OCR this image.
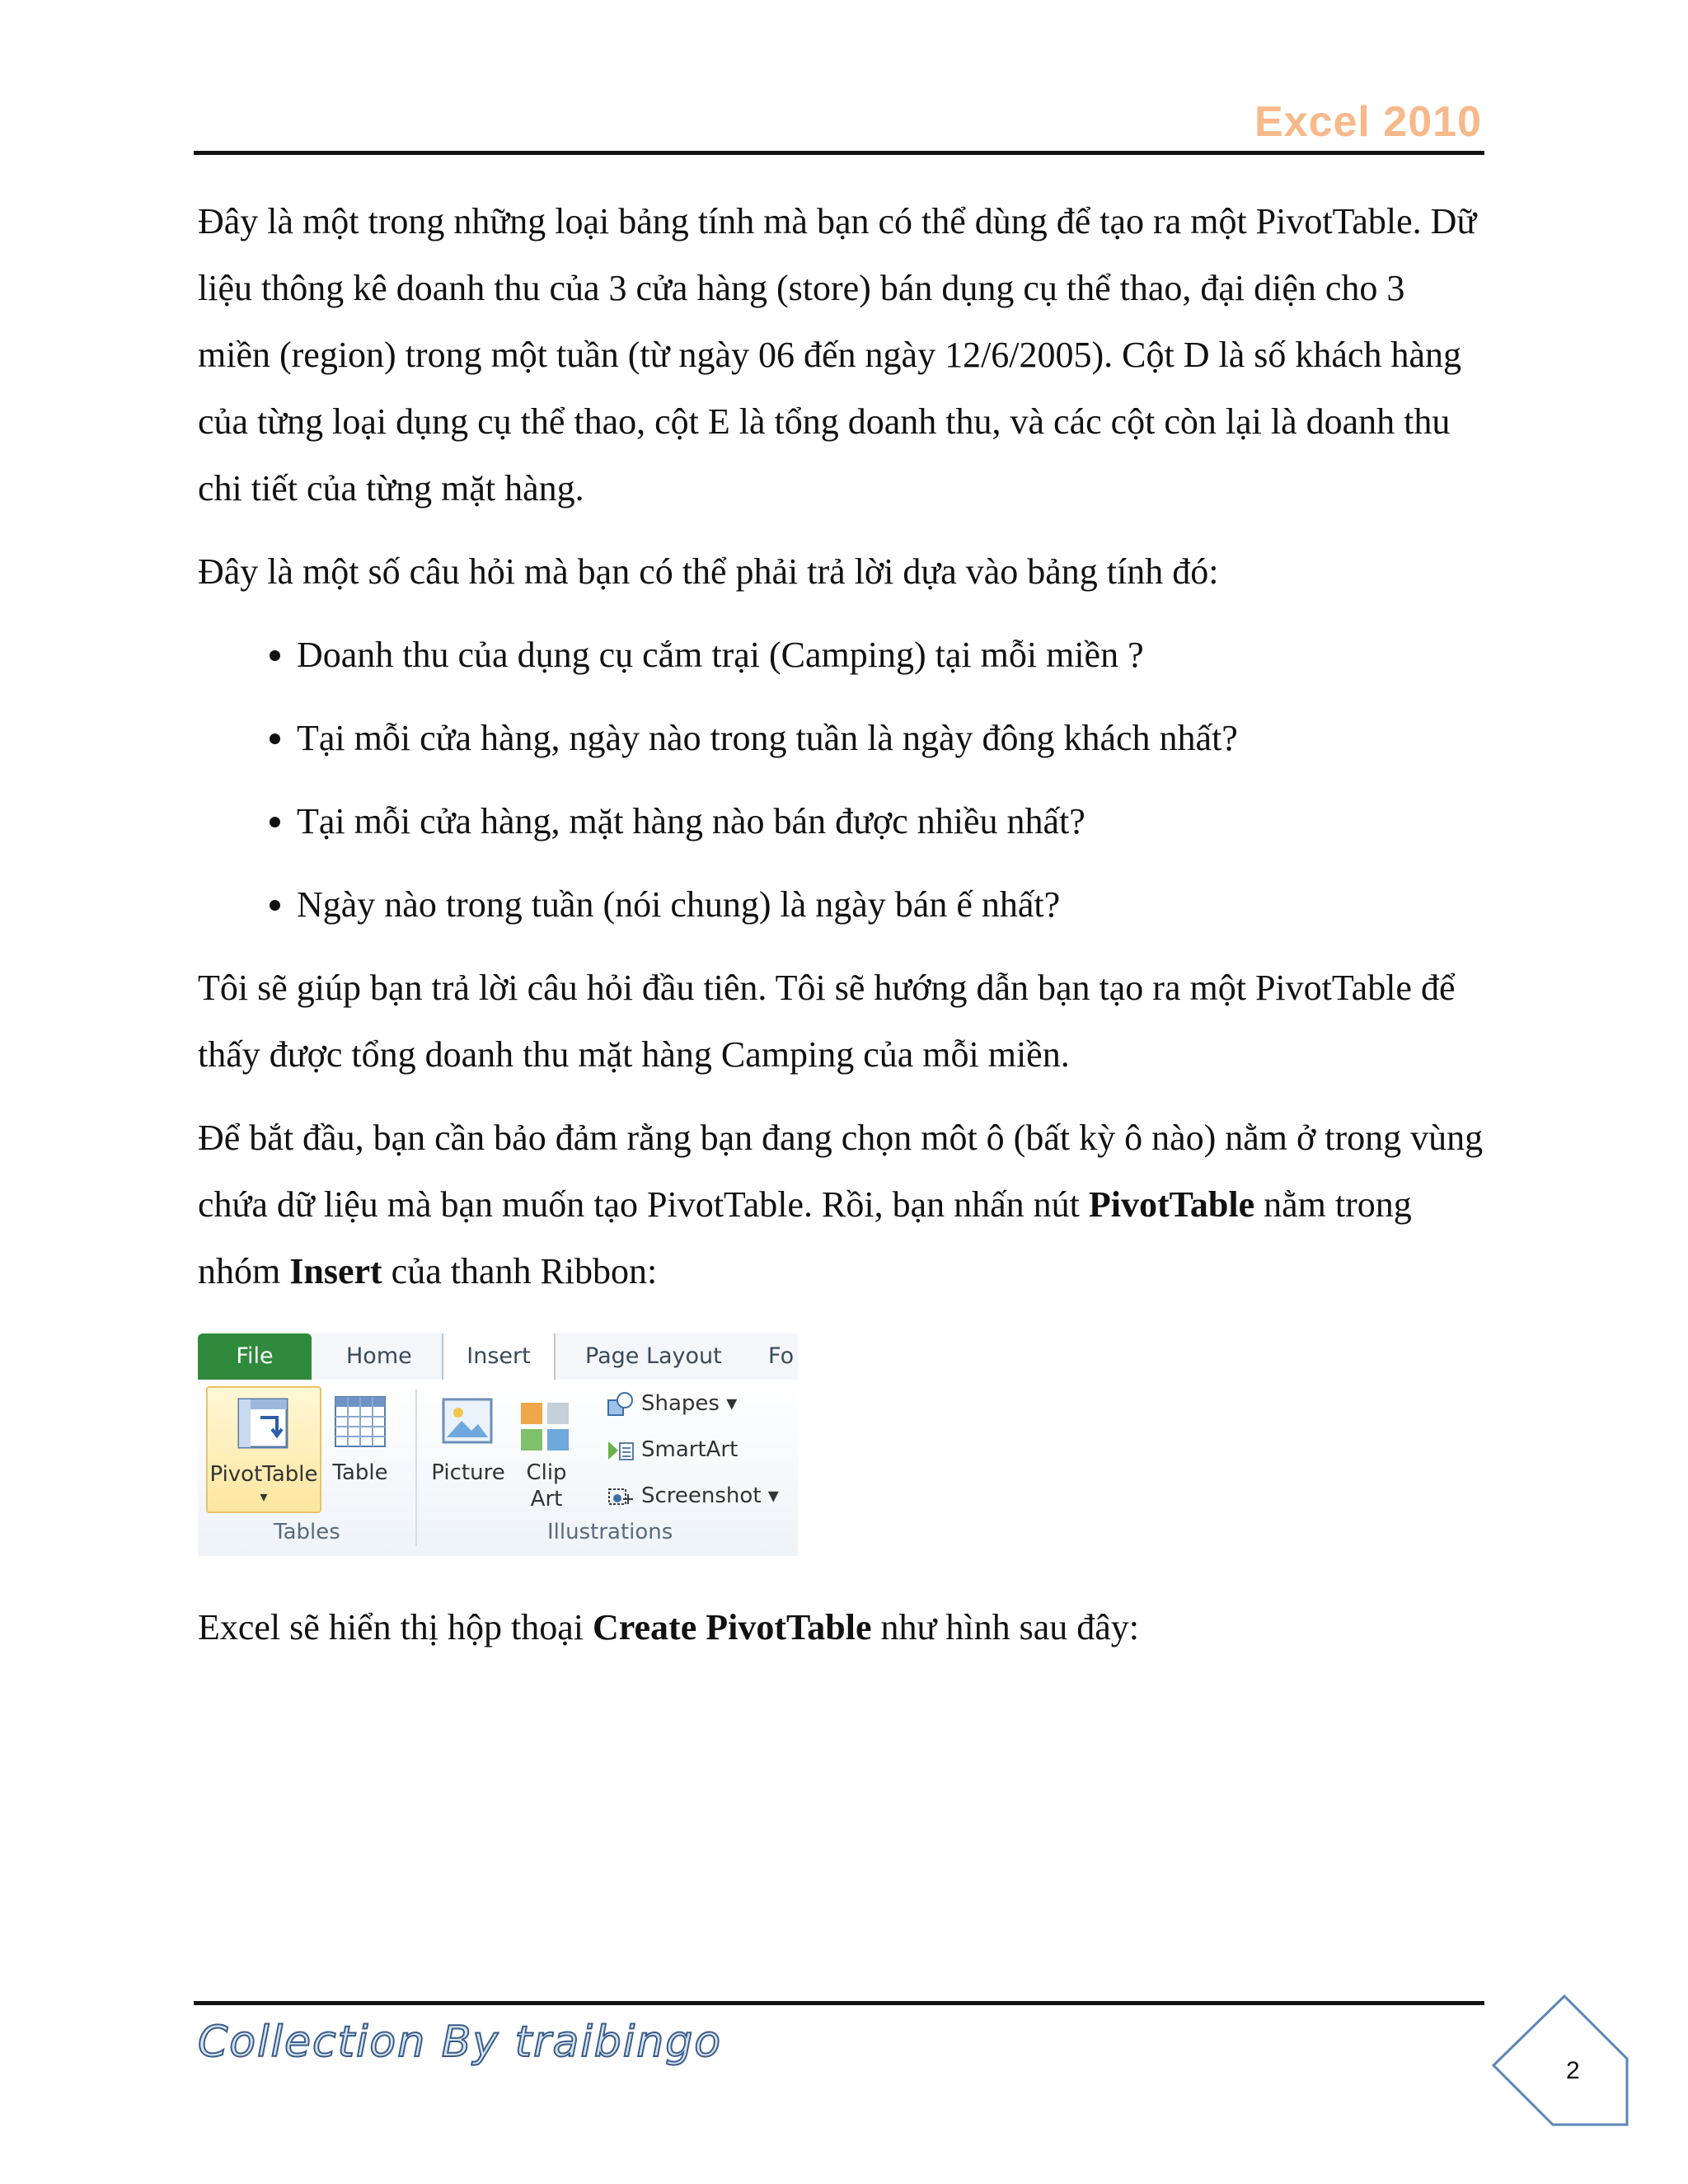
Excel 2010

Đây là một trong những loại bảng tính mà bạn có thể dùng để tạo ra một PivotTable. Dữ liệu thông kê doanh thu của 3 cửa hàng (store) bán dụng cụ thể thao, đại diện cho 3 miền (region) trong một tuần (từ ngày 06 đến ngày 12/6/2005). Cột D là số khách hàng của từng loại dụng cụ thể thao, cột E là tổng doanh thu, và các cột còn lại là doanh thu chi tiết của từng mặt hàng.

Đây là một số câu hỏi mà bạn có thể phải trả lời dựa vào bảng tính đó:

• Doanh thu của dụng cụ cắm trại (Camping) tại mỗi miền ?
• Tại mỗi cửa hàng, ngày nào trong tuần là ngày đông khách nhất?
• Tại mỗi cửa hàng, mặt hàng nào bán được nhiều nhất?
• Ngày nào trong tuần (nói chung) là ngày bán ế nhất?

Tôi sẽ giúp bạn trả lời câu hỏi đầu tiên. Tôi sẽ hướng dẫn bạn tạo ra một PivotTable để thấy được tổng doanh thu mặt hàng Camping của mỗi miền.

Để bắt đầu, bạn cần bảo đảm rằng bạn đang chọn môt ô (bất kỳ ô nào) nằm ở trong vùng chứa dữ liệu mà bạn muốn tạo PivotTable. Rồi, bạn nhấn nút PivotTable nằm trong nhóm Insert của thanh Ribbon:

File	Home	Insert	Page Layout Fo
PivotTable
▾
Table
Tables
Picture Clip
Art
Shapes ▾
SmartArt
Screenshot ▾
Illustrations

Excel sẽ hiển thị hộp thoại Create PivotTable như hình sau đây:

Collection By traibingo
2
